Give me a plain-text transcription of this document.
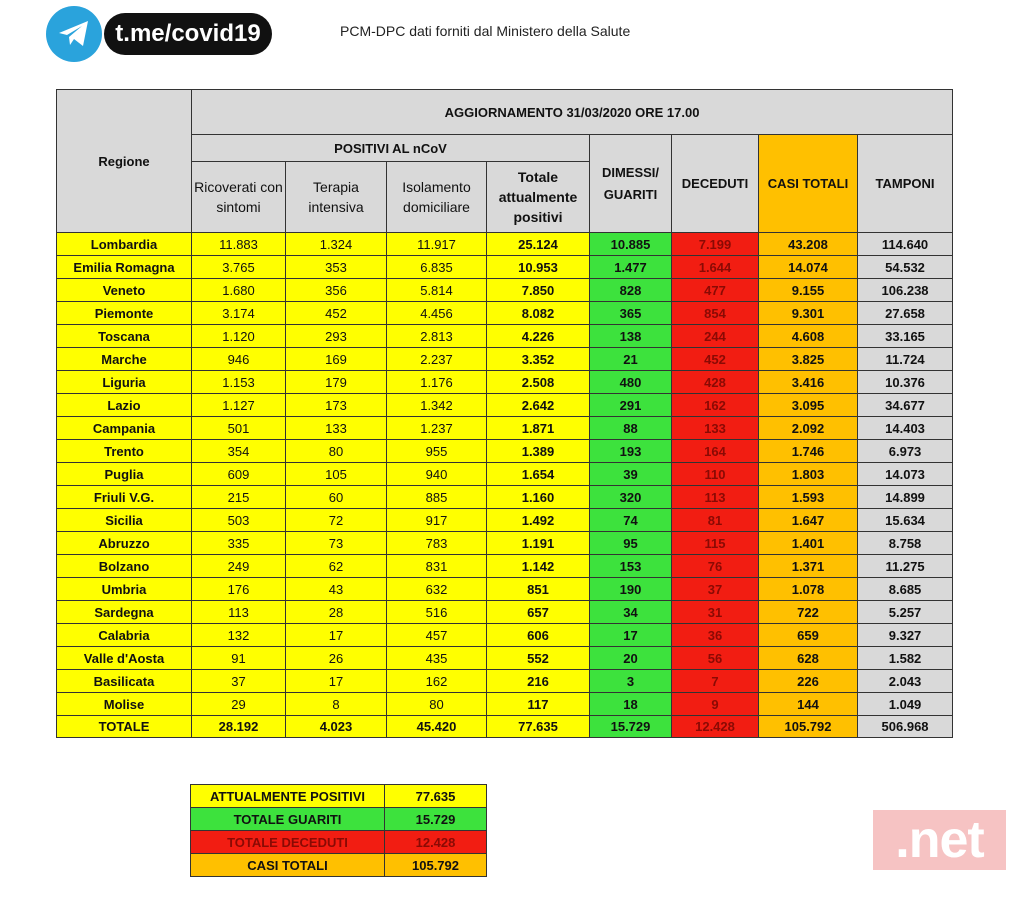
t.me/covid19	PCM-DPC dati forniti dal Ministero della Salute
Regione	AGGIORNAMENTO 31/03/2020 ORE 17.00							
	POSITIVI AL nCoV				DIMESSI/ GUARITI	DECEDUTI	CASI TOTALI	TAMPONI
	Ricoverati con sintomi	Terapia intensiva	Isolamento domiciliare	Totale attualmente positivi				
Lombardia	11.883	1.324	11.917	25.124	10.885	7.199	43.208	114.640
Emilia Romagna	3.765	353	6.835	10.953	1.477	1.644	14.074	54.532
Veneto	1.680	356	5.814	7.850	828	477	9.155	106.238
Piemonte	3.174	452	4.456	8.082	365	854	9.301	27.658
Toscana	1.120	293	2.813	4.226	138	244	4.608	33.165
Marche	946	169	2.237	3.352	21	452	3.825	11.724
Liguria	1.153	179	1.176	2.508	480	428	3.416	10.376
Lazio	1.127	173	1.342	2.642	291	162	3.095	34.677
Campania	501	133	1.237	1.871	88	133	2.092	14.403
Trento	354	80	955	1.389	193	164	1.746	6.973
Puglia	609	105	940	1.654	39	110	1.803	14.073
Friuli V.G.	215	60	885	1.160	320	113	1.593	14.899
Sicilia	503	72	917	1.492	74	81	1.647	15.634
Abruzzo	335	73	783	1.191	95	115	1.401	8.758
Bolzano	249	62	831	1.142	153	76	1.371	11.275
Umbria	176	43	632	851	190	37	1.078	8.685
Sardegna	113	28	516	657	34	31	722	5.257
Calabria	132	17	457	606	17	36	659	9.327
Valle d'Aosta	91	26	435	552	20	56	628	1.582
Basilicata	37	17	162	216	3	7	226	2.043
Molise	29	8	80	117	18	9	144	1.049
TOTALE	28.192	4.023	45.420	77.635	15.729	12.428	105.792	506.968
ATTUALMENTE POSITIVI	77.635
TOTALE GUARITI	15.729
TOTALE DECEDUTI	12.428
CASI TOTALI	105.792	.net
